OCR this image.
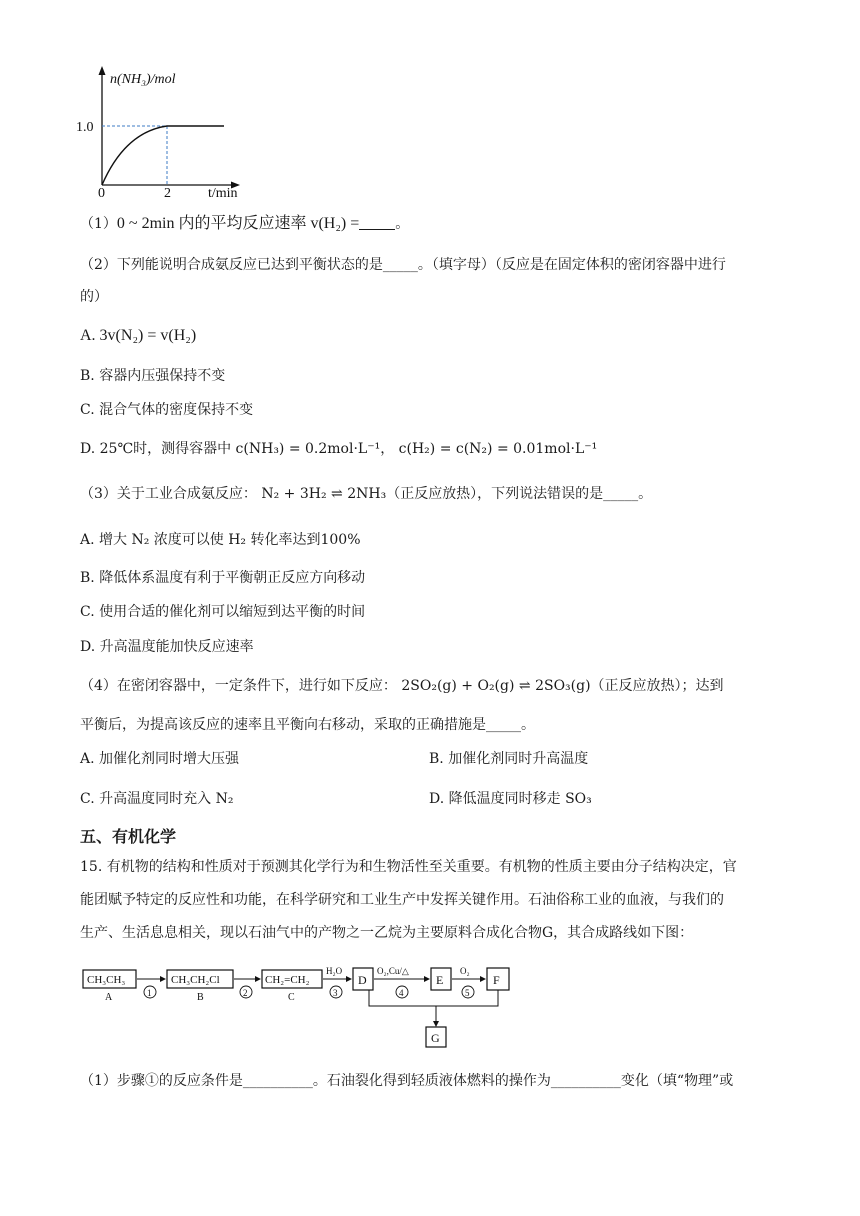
n(NH₃)/mol
1.0
0	2	t/min
（1）0 ~ 2min 内的平均反应速率 v(H₂) =	。
（2）下列能说明合成氨反应已达到平衡状态的是_____。（填字母）（反应是在固定体积的密闭容器中进行
的）
A. 3v(N₂) = v(H₂)
B. 容器内压强保持不变
C. 混合气体的密度保持不变
D. 25℃时，测得容器中 c(NH₃) = 0.2mol·L⁻¹， c(H₂) = c(N₂) = 0.01mol·L⁻¹
（3）关于工业合成氨反应： N₂ + 3H₂ ⇌ 2NH₃（正反应放热），下列说法错误的是_____。
A. 增大 N₂ 浓度可以使 H₂ 转化率达到100%
B. 降低体系温度有利于平衡朝正反应方向移动
C. 使用合适的催化剂可以缩短到达平衡的时间
D. 升高温度能加快反应速率
（4）在密闭容器中，一定条件下，进行如下反应： 2SO₂(g) + O₂(g) ⇌ 2SO₃(g)（正反应放热）；达到
平衡后，为提高该反应的速率且平衡向右移动，采取的正确措施是_____。
A. 加催化剂同时增大压强	B. 加催化剂同时升高温度
C. 升高温度同时充入 N₂	D. 降低温度同时移走 SO₃
五、有机化学
15. 有机物的结构和性质对于预测其化学行为和生物活性至关重要。有机物的性质主要由分子结构决定，官
能团赋予特定的反应性和功能，在科学研究和工业生产中发挥关键作用。石油俗称工业的血液，与我们的
生产、生活息息相关，现以石油气中的产物之一乙烷为主要原料合成化合物G，其合成路线如下图：
CH₃CH₃
A	1
CH₃CH₂Cl
B	2
CH₂=CH₂
C
H₂O
3
D
O₂,Cu/△
4
E
O₂
5
F
G
（1）步骤①的反应条件是__________。石油裂化得到轻质液体燃料的操作为__________变化（填“物理”或
